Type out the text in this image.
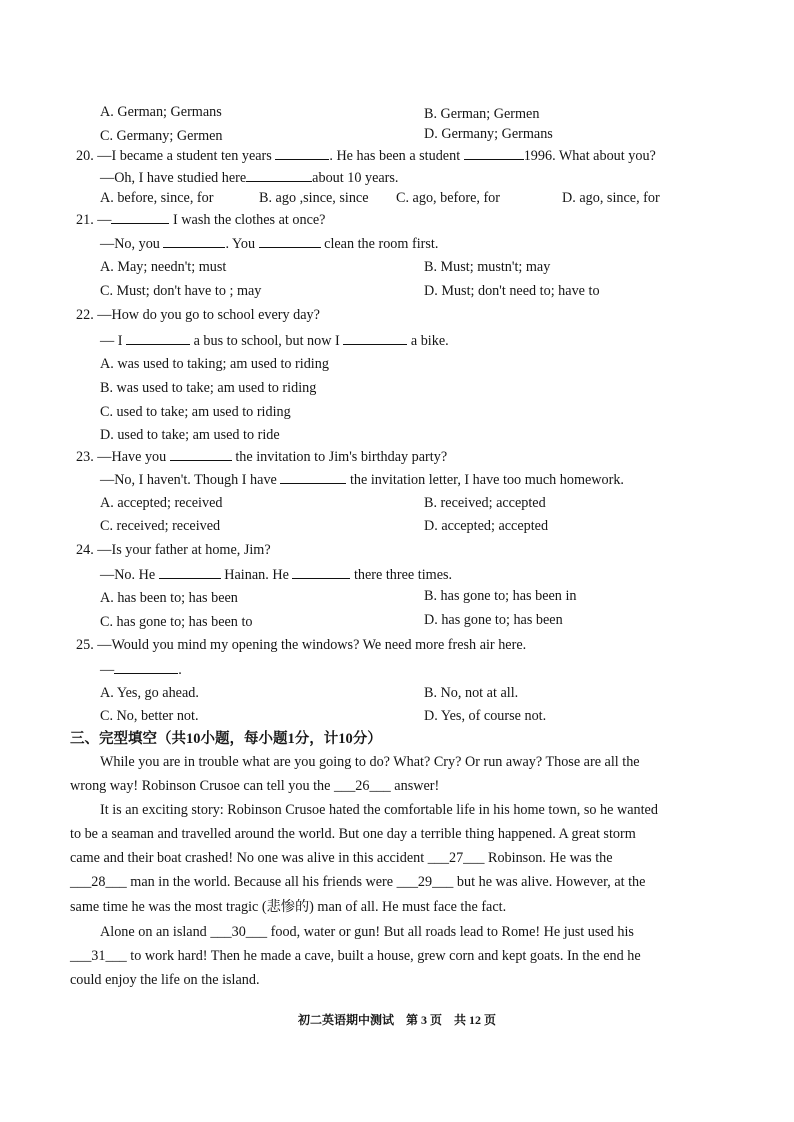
A. German; Germans	B. German; Germen
C. Germany; Germen	D. Germany; Germans
20. —I became a student ten years	. He has been a student	1996. What about you?
—Oh, I have studied here	about 10 years.
A. before, since, for	B. ago ,since, since C. ago, before, for	D. ago, since, for
21. —	I wash the clothes at once?
—No, you	. You	clean the room first.
A. May; needn't; must	B. Must; mustn't; may
C. Must; don't have to ; may	D. Must; don't need to; have to
22. —How do you go to school every day?
— I	a bus to school, but now I	a bike.
A. was used to taking; am used to riding
B. was used to take; am used to riding
C. used to take; am used to riding
D. used to take; am used to ride
23. —Have you	the invitation to Jim's birthday party?
—No, I haven't. Though I have	the invitation letter, I have too much homework.
A. accepted; received	B. received; accepted
C. received; received	D. accepted; accepted
24. —Is your father at home, Jim?
—No. He	Hainan. He	there three times.
A. has been to; has been	B. has gone to; has been in
C. has gone to; has been to	D. has gone to; has been
25. —Would you mind my opening the windows? We need more fresh air here.
—	.
A. Yes, go ahead.	B. No, not at all.
C. No, better not.	D. Yes, of course not.
三、完型填空（共10小题，每小题1分，计10分）
While you are in trouble what are you going to do? What? Cry? Or run away? Those are all the
wrong way! Robinson Crusoe can tell you the ___26___ answer!
It is an exciting story: Robinson Crusoe hated the comfortable life in his home town, so he wanted
to be a seaman and travelled around the world. But one day a terrible thing happened. A great storm
came and their boat crashed! No one was alive in this accident ___27___ Robinson. He was the
___28___ man in the world. Because all his friends were ___29___ but he was alive. However, at the
same time he was the most tragic (悲惨的) man of all. He must face the fact.
Alone on an island ___30___ food, water or gun! But all roads lead to Rome! He just used his
___31___ to work hard! Then he made a cave, built a house, grew corn and kept goats. In the end he
could enjoy the life on the island.
初二英语期中测试　第 3 页　共 12 页
